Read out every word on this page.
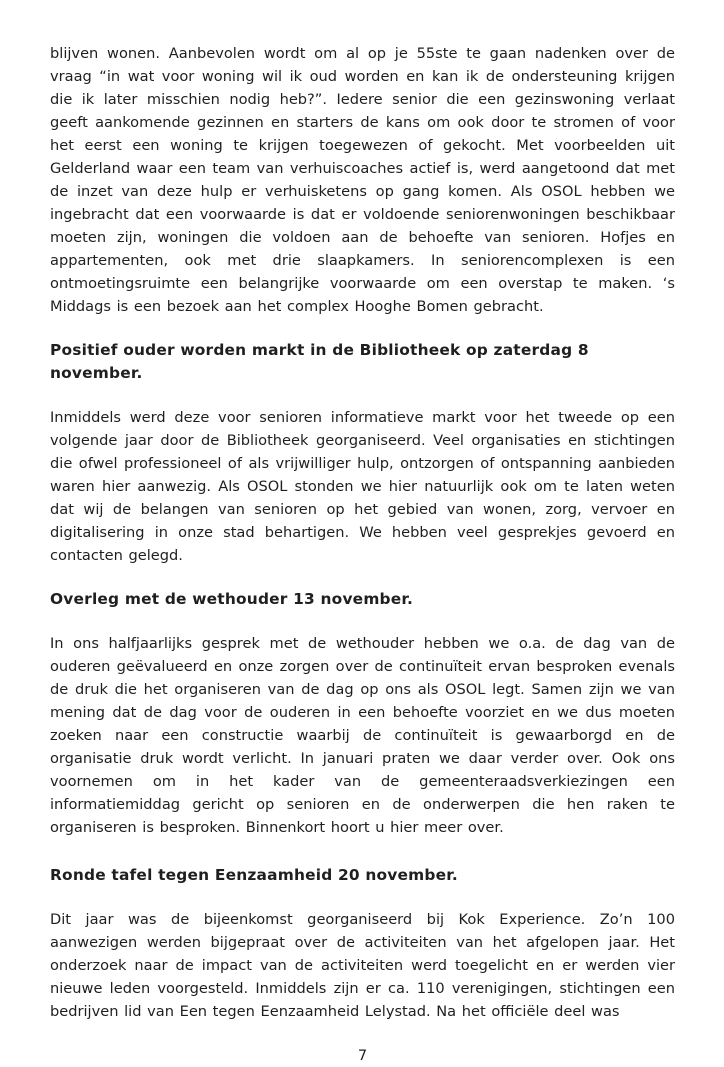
blijven wonen. Aanbevolen wordt om al op je 55ste te gaan nadenken over de vraag “in wat voor woning wil ik oud worden en kan ik de ondersteuning krijgen die ik later misschien nodig heb?”. Iedere senior die een gezinswoning verlaat geeft aankomende gezinnen en starters de kans om ook door te stromen of voor het eerst een woning te krijgen toegewezen of gekocht. Met voorbeelden uit Gelderland waar een team van verhuiscoaches actief is, werd aangetoond dat met de inzet van deze hulp er verhuisketens op gang komen. Als OSOL hebben we ingebracht dat een voorwaarde is dat er voldoende seniorenwoningen beschikbaar moeten zijn, woningen die voldoen aan de behoefte van senioren. Hofjes en appartementen, ook met drie slaapkamers. In seniorencomplexen is een ontmoetingsruimte een belangrijke voorwaarde om een overstap te maken. ‘s Middags is een bezoek aan het complex Hooghe Bomen gebracht.

Positief ouder worden markt in de Bibliotheek op zaterdag 8 november.

Inmiddels werd deze voor senioren informatieve markt voor het tweede op een volgende jaar door de Bibliotheek georganiseerd. Veel organisaties en stichtingen die ofwel professioneel of als vrijwilliger hulp, ontzorgen of ontspanning aanbieden waren hier aanwezig. Als OSOL stonden we hier natuurlijk ook om te laten weten dat wij de belangen van senioren op het gebied van wonen, zorg, vervoer en digitalisering in onze stad behartigen. We hebben veel gesprekjes gevoerd en contacten gelegd.

Overleg met de wethouder 13 november.

In ons halfjaarlijks gesprek met de wethouder hebben we o.a. de dag van de ouderen geëvalueerd en onze zorgen over de continuïteit ervan besproken evenals de druk die het organiseren van de dag op ons als OSOL legt. Samen zijn we van mening dat de dag voor de ouderen in een behoefte voorziet en we dus moeten zoeken naar een constructie waarbij de continuïteit is gewaarborgd en de organisatie druk wordt verlicht. In januari praten we daar verder over. Ook ons voornemen om in het kader van de gemeenteraadsverkiezingen een informatiemiddag gericht op senioren en de onderwerpen die hen raken te organiseren is besproken. Binnenkort hoort u hier meer over.

Ronde tafel tegen Eenzaamheid 20 november.

Dit jaar was de bijeenkomst georganiseerd bij Kok Experience. Zo’n 100 aanwezigen werden bijgepraat over de activiteiten van het afgelopen jaar. Het onderzoek naar de impact van de activiteiten werd toegelicht en er werden vier nieuwe leden voorgesteld. Inmiddels zijn er ca. 110 verenigingen, stichtingen een bedrijven lid van Een tegen Eenzaamheid Lelystad. Na het officiële deel was

7
